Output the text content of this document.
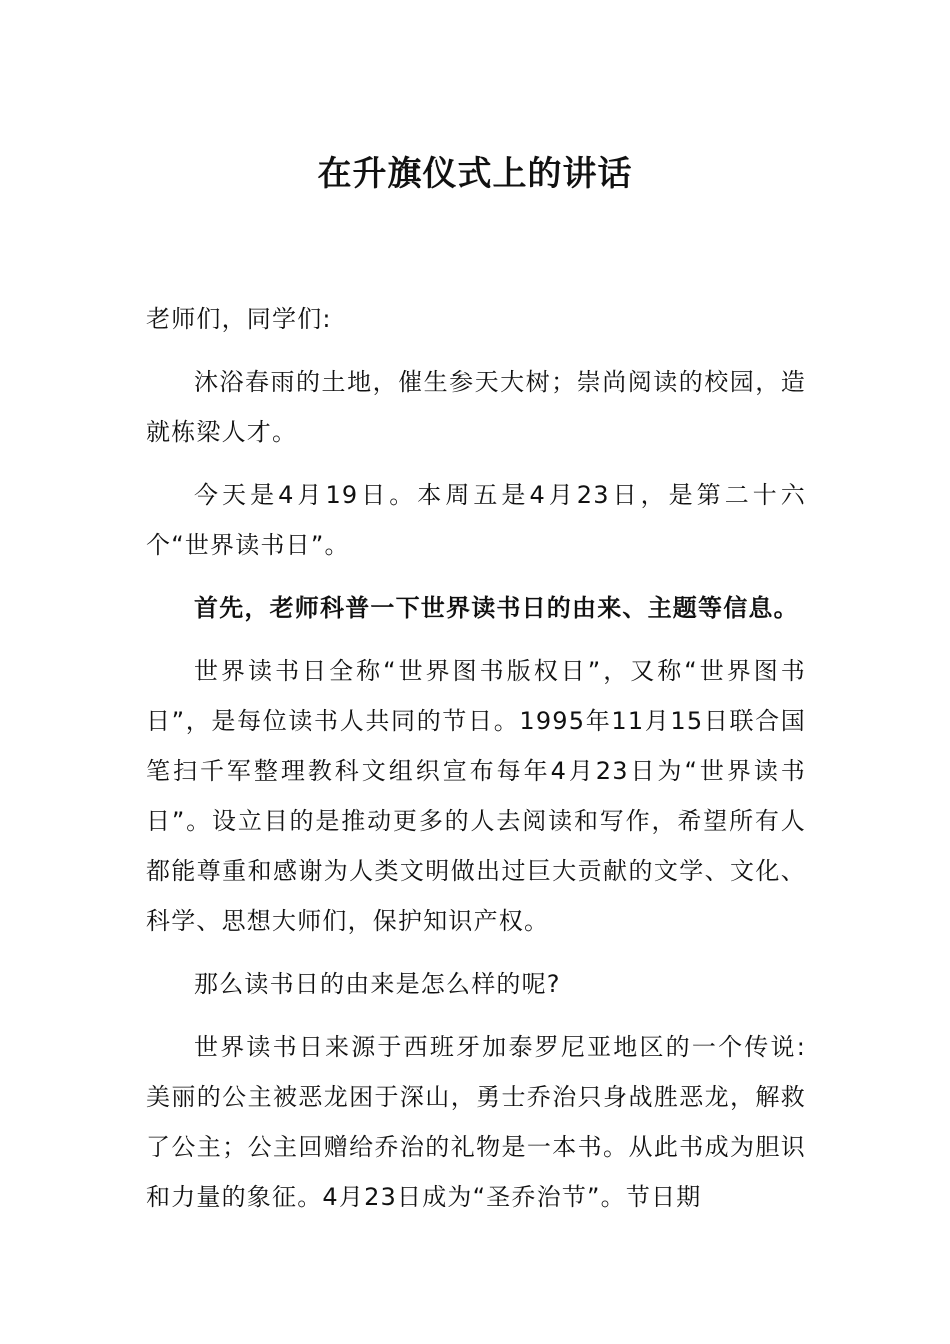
在升旗仪式上的讲话

老师们，同学们:

沐浴春雨的土地，催生参天大树；崇尚阅读的校园，造就栋梁人才。

今天是4月19日。本周五是4月23日，是第二十六个“世界读书日”。

首先，老师科普一下世界读书日的由来、主题等信息。

世界读书日全称“世界图书版权日”，又称“世界图书日”，是每位读书人共同的节日。1995年11月15日联合国笔扫千军整理教科文组织宣布每年4月23日为“世界读书日”。设立目的是推动更多的人去阅读和写作，希望所有人都能尊重和感谢为人类文明做出过巨大贡献的文学、文化、科学、思想大师们，保护知识产权。

那么读书日的由来是怎么样的呢?

世界读书日来源于西班牙加泰罗尼亚地区的一个传说:美丽的公主被恶龙困于深山，勇士乔治只身战胜恶龙，解救了公主；公主回赠给乔治的礼物是一本书。从此书成为胆识和力量的象征。4月23日成为“圣乔治节”。节日期
